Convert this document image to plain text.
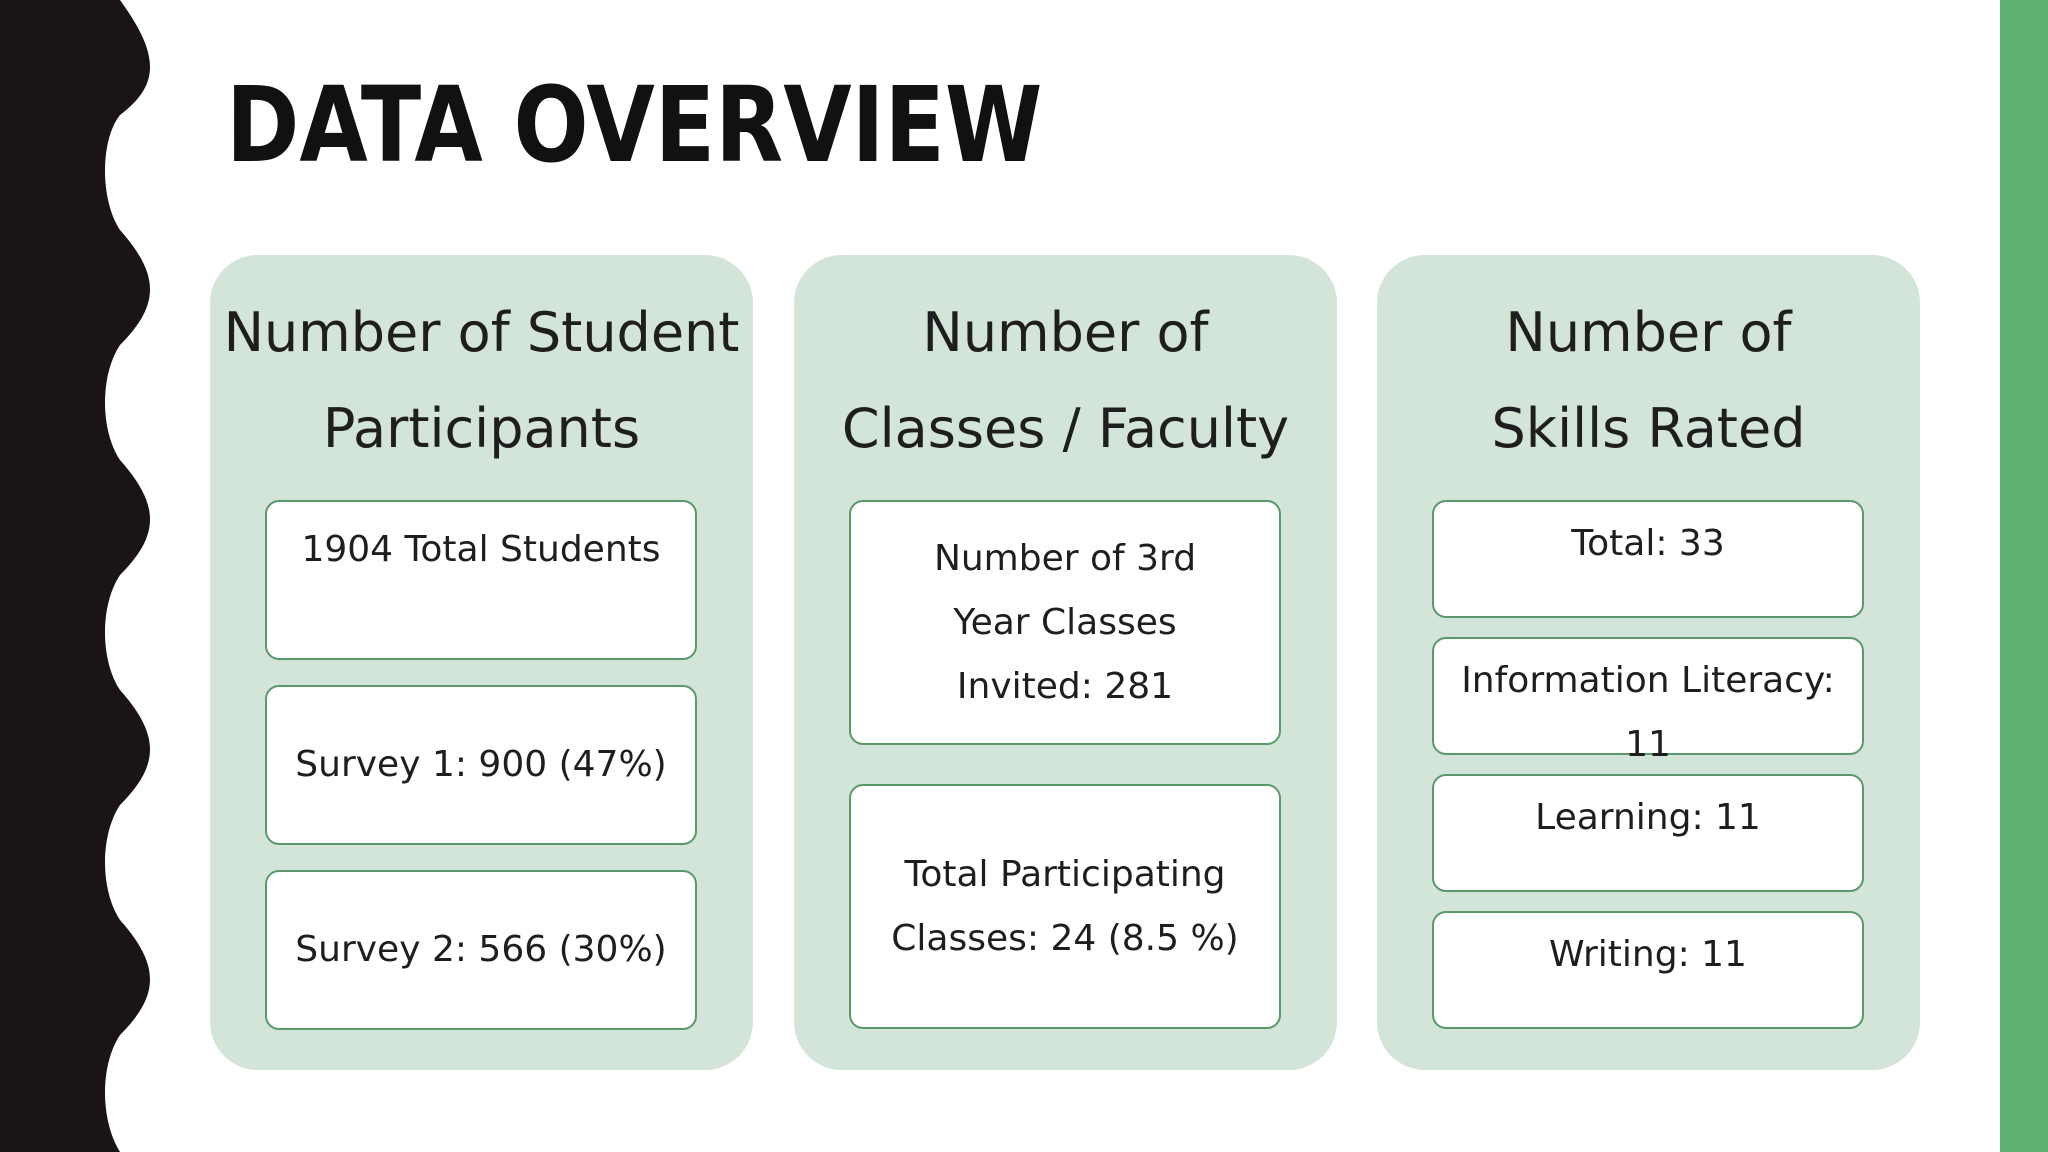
DATA OVERVIEW
Number of Student Participants
1904 Total Students
Survey 1: 900 (47%)
Survey 2: 566 (30%)
Number of Classes / Faculty
Number of 3rd Year Classes Invited: 281
Total Participating Classes: 24 (8.5 %)
Number of Skills Rated
Total: 33
Information Literacy: 11
Learning: 11
Writing: 11
